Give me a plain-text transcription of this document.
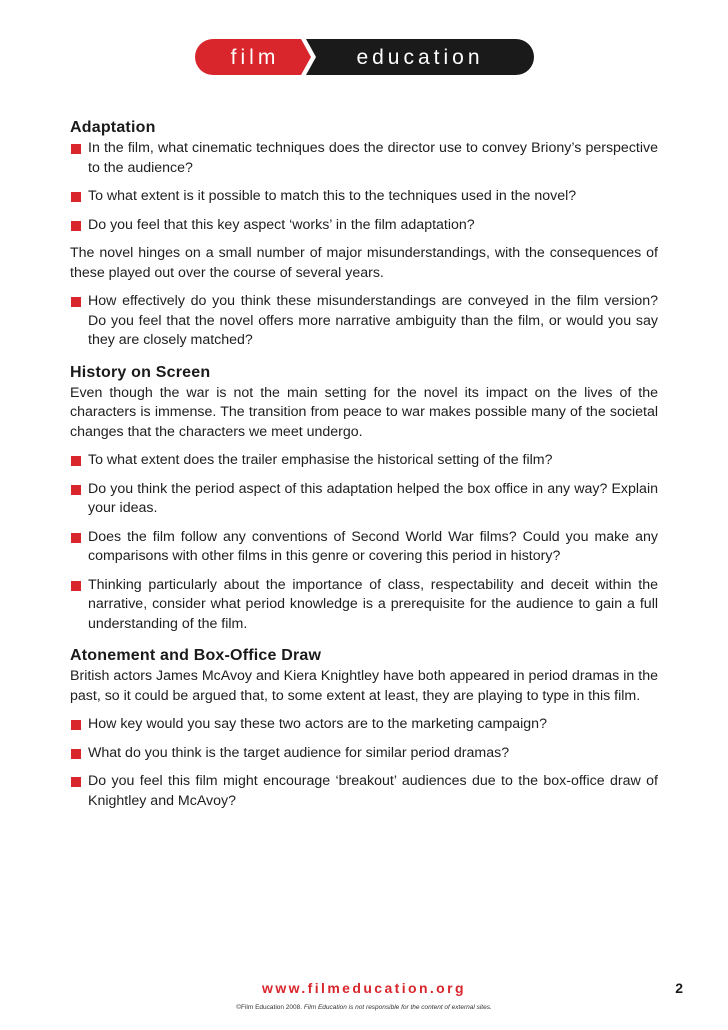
film	education
Adaptation
In the film, what cinematic techniques does the director use to convey Briony’s perspective to the audience?
To what extent is it possible to match this to the techniques used in the novel?
Do you feel that this key aspect ‘works’ in the film adaptation?

The novel hinges on a small number of major misunderstandings, with the consequences of these played out over the course of several years.

How effectively do you think these misunderstandings are conveyed in the film version? Do you feel that the novel offers more narrative ambiguity than the film, or would you say they are closely matched?
History on Screen

Even though the war is not the main setting for the novel its impact on the lives of the characters is immense. The transition from peace to war makes possible many of the societal changes that the characters we meet undergo.

To what extent does the trailer emphasise the historical setting of the film?
Do you think the period aspect of this adaptation helped the box office in any way? Explain your ideas.
Does the film follow any conventions of Second World War films? Could you make any comparisons with other films in this genre or covering this period in history?
Thinking particularly about the importance of class, respectability and deceit within the narrative, consider what period knowledge is a prerequisite for the audience to gain a full understanding of the film.
Atonement and Box-Office Draw

British actors James McAvoy and Kiera Knightley have both appeared in period dramas in the past, so it could be argued that, to some extent at least, they are playing to type in this film.

How key would you say these two actors are to the marketing campaign?
What do you think is the target audience for similar period dramas?
Do you feel this film might encourage ‘breakout’ audiences due to the box-office draw of Knightley and McAvoy?
www.filmeducation.org	2
©Film Education 2008. Film Education is not responsible for the content of external sites.
